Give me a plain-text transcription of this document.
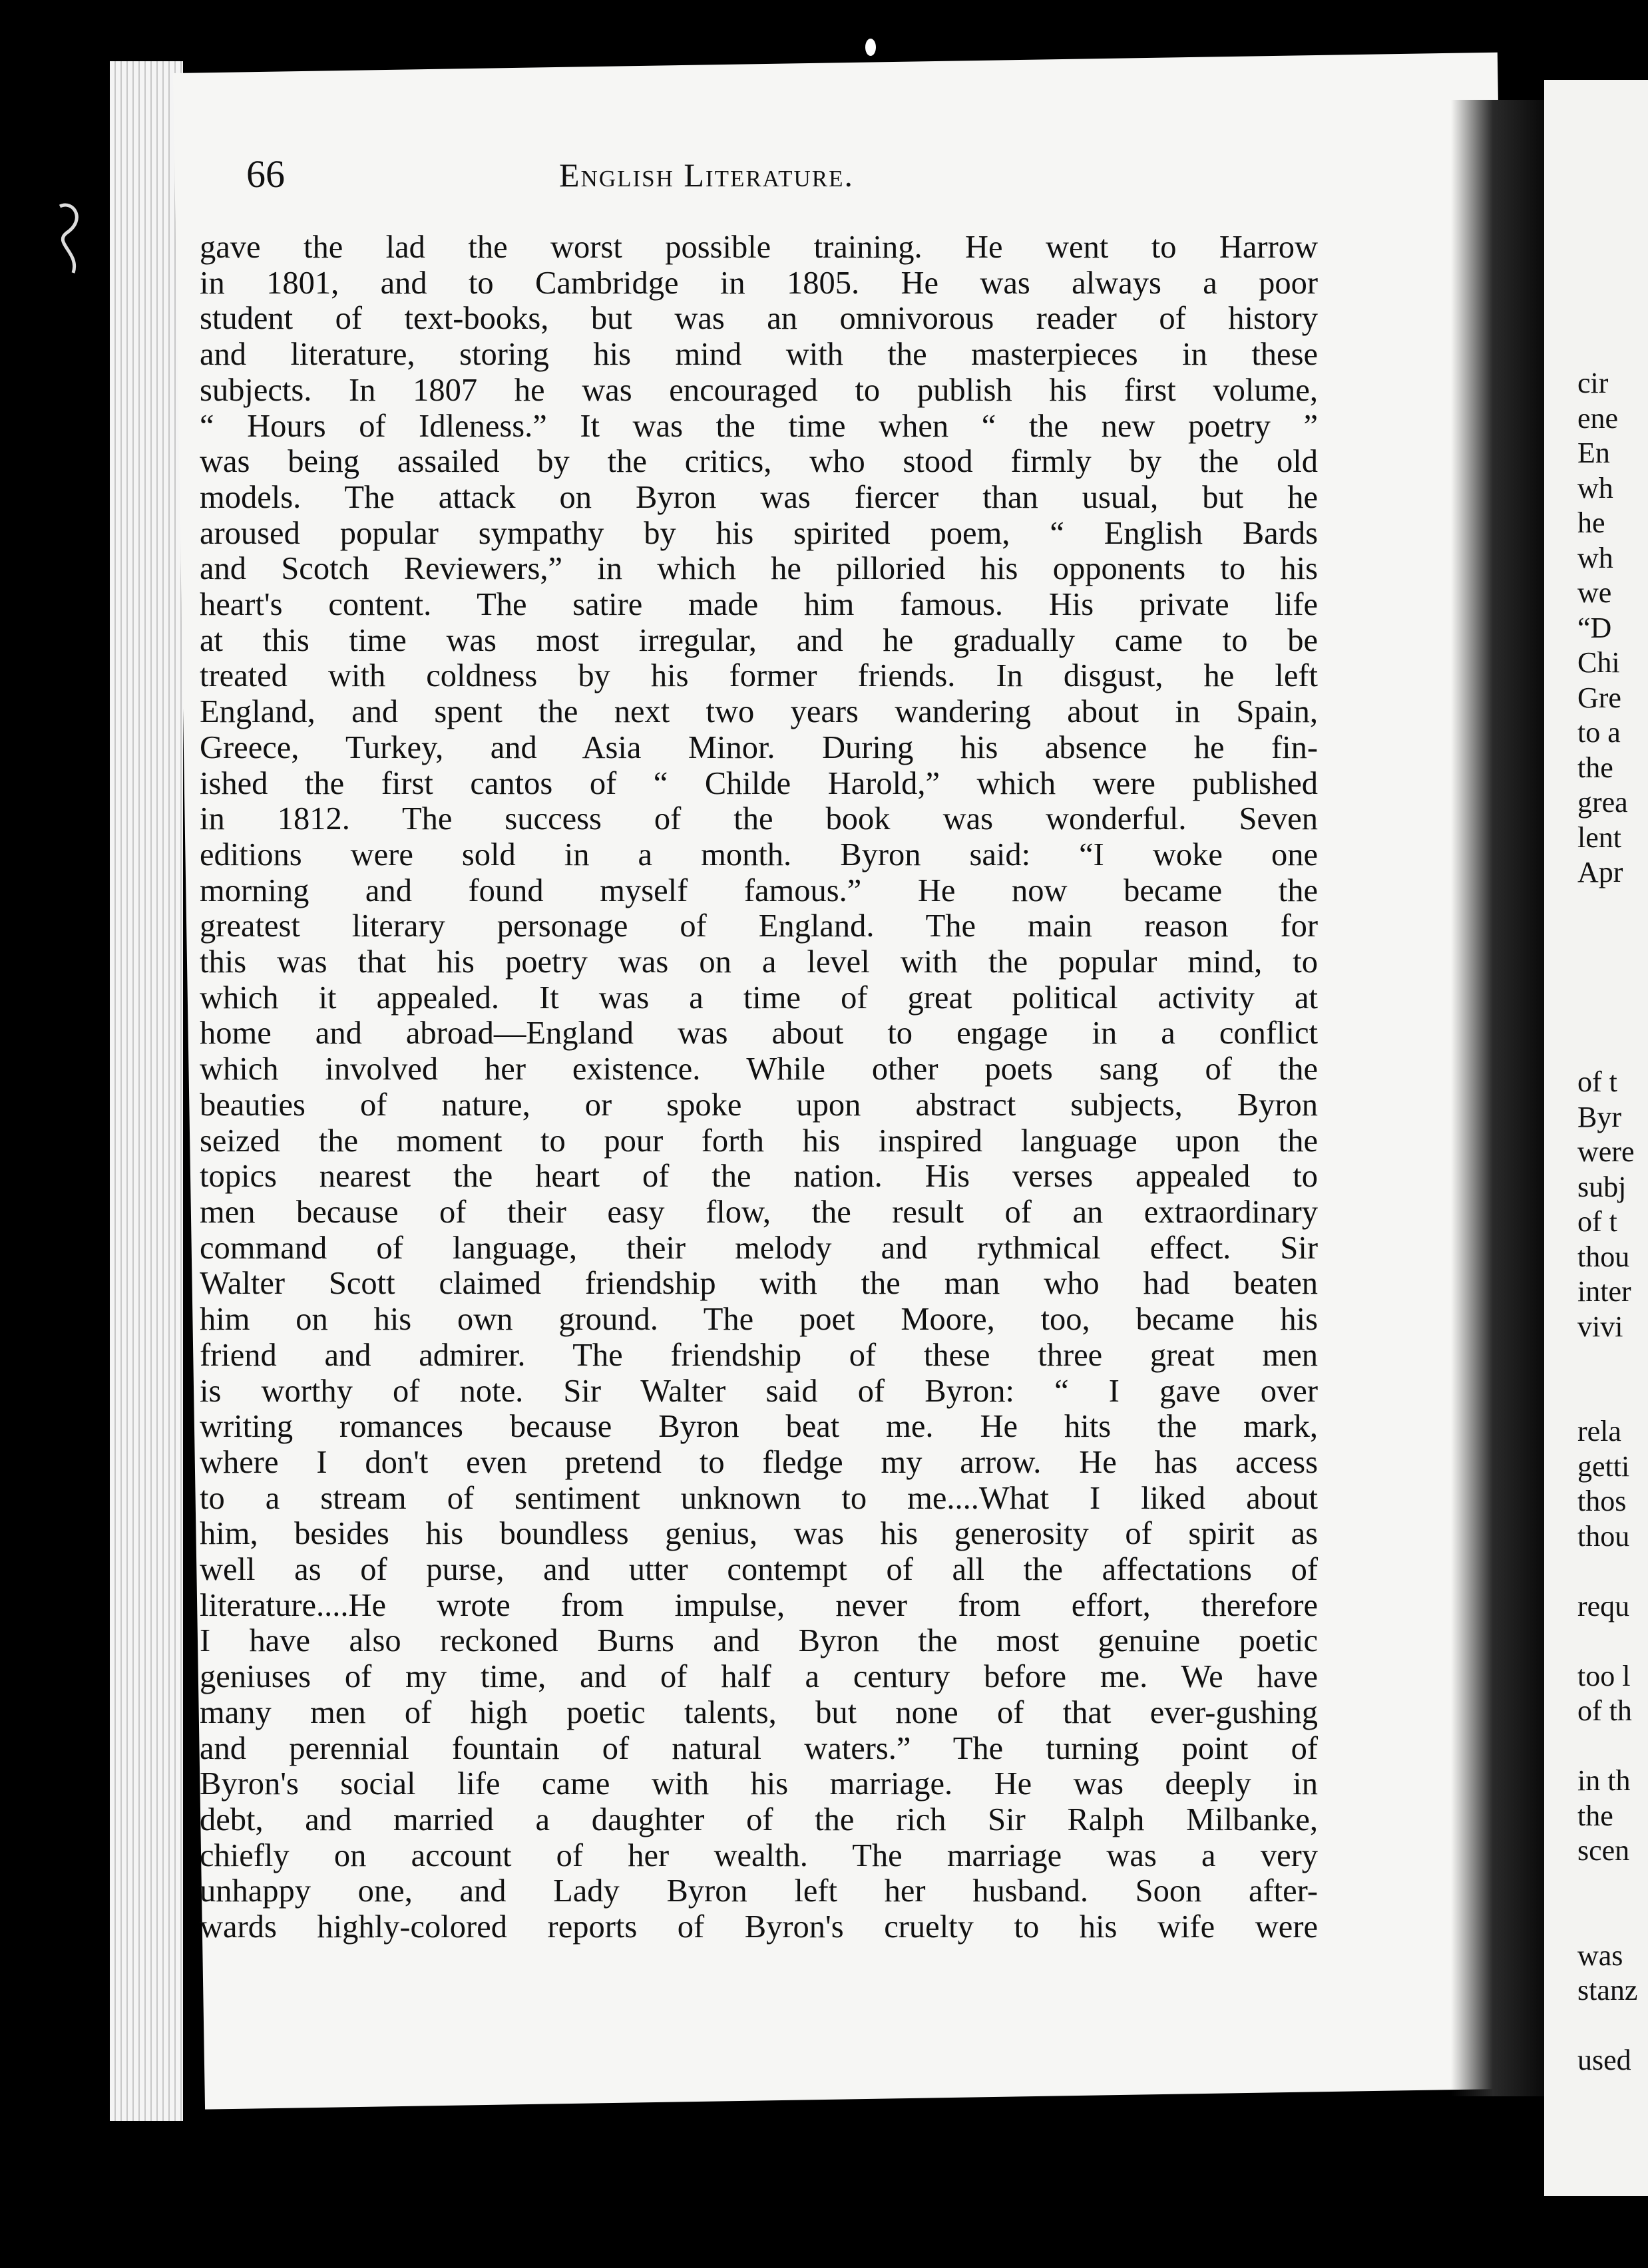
cir
ene
En
wh
he
wh
we
“D
Chi
Gre
to a
the
grea
lent
Apr

of t
Byr
were
subj
of t
thou
inter
vivi

rela
getti
thos
thou

requ

too l
of th

in th
the
scen

was
stanz

used
66	English Literature.
gave the lad the worst possible training. He went to Harrow
in 1801, and to Cambridge in 1805. He was always a poor
student of text-books, but was an omnivorous reader of history
and literature, storing his mind with the masterpieces in these
subjects. In 1807 he was encouraged to publish his first volume,
“ Hours of Idleness.” It was the time when “ the new poetry ”
was being assailed by the critics, who stood firmly by the old
models. The attack on Byron was fiercer than usual, but he
aroused popular sympathy by his spirited poem, “ English Bards
and Scotch Reviewers,” in which he pilloried his opponents to his
heart's content. The satire made him famous. His private life
at this time was most irregular, and he gradually came to be
treated with coldness by his former friends. In disgust, he left
England, and spent the next two years wandering about in Spain,
Greece, Turkey, and Asia Minor. During his absence he fin-
ished the first cantos of “ Childe Harold,” which were published
in 1812. The success of the book was wonderful. Seven
editions were sold in a month. Byron said: “I woke one
morning and found myself famous.” He now became the
greatest literary personage of England. The main reason for
this was that his poetry was on a level with the popular mind, to
which it appealed. It was a time of great political activity at
home and abroad—England was about to engage in a conflict
which involved her existence. While other poets sang of the
beauties of nature, or spoke upon abstract subjects, Byron
seized the moment to pour forth his inspired language upon the
topics nearest the heart of the nation. His verses appealed to
men because of their easy flow, the result of an extraordinary
command of language, their melody and rythmical effect. Sir
Walter Scott claimed friendship with the man who had beaten
him on his own ground. The poet Moore, too, became his
friend and admirer. The friendship of these three great men
is worthy of note. Sir Walter said of Byron: “ I gave over
writing romances because Byron beat me. He hits the mark,
where I don't even pretend to fledge my arrow. He has access
to a stream of sentiment unknown to me....What I liked about
him, besides his boundless genius, was his generosity of spirit as
well as of purse, and utter contempt of all the affectations of
literature....He wrote from impulse, never from effort, therefore
I have also reckoned Burns and Byron the most genuine poetic
geniuses of my time, and of half a century before me. We have
many men of high poetic talents, but none of that ever-gushing
and perennial fountain of natural waters.” The turning point of
Byron's social life came with his marriage. He was deeply in
debt, and married a daughter of the rich Sir Ralph Milbanke,
chiefly on account of her wealth. The marriage was a very
unhappy one, and Lady Byron left her husband. Soon after-
wards highly-colored reports of Byron's cruelty to his wife were
